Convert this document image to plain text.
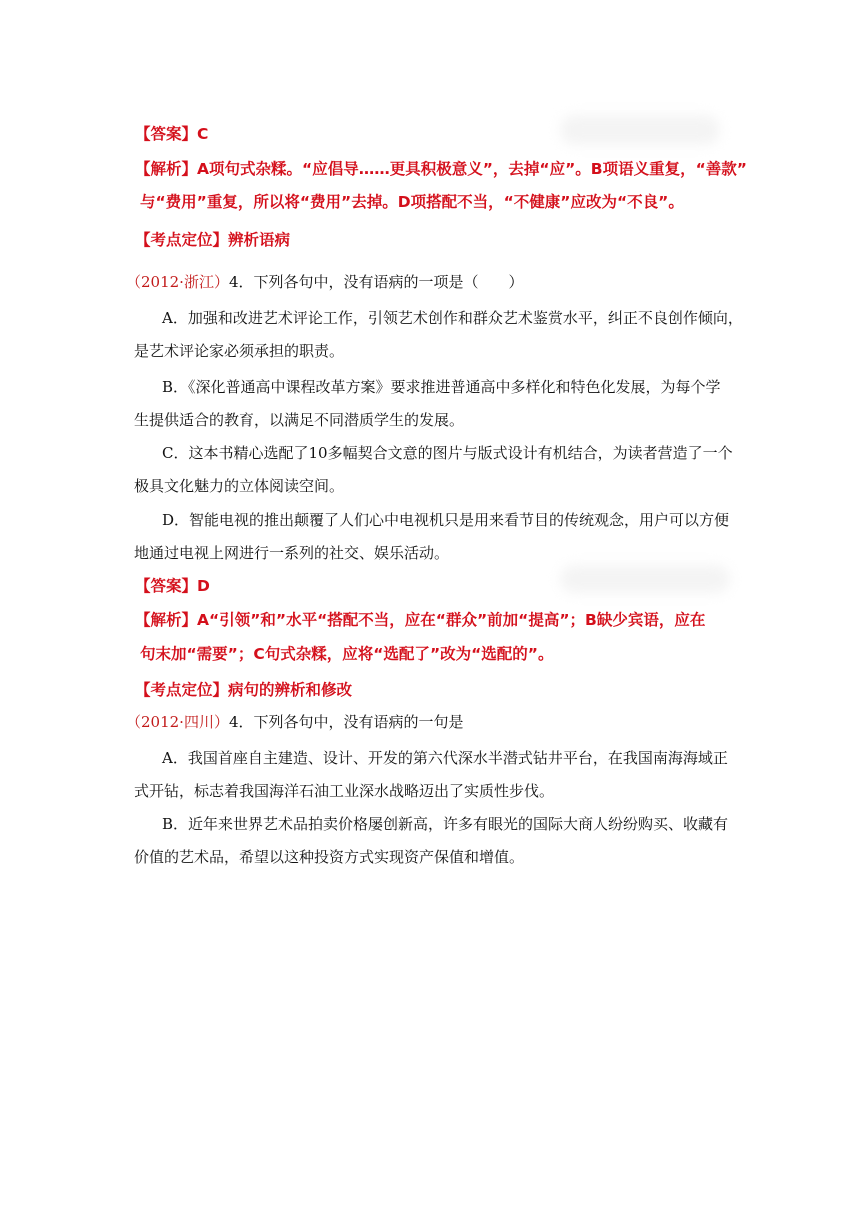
【答案】C
【解析】A项句式杂糅。“应倡导……更具积极意义”，去掉“应”。B项语义重复，“善款”
与“费用”重复，所以将“费用”去掉。D项搭配不当，“不健康”应改为“不良”。
【考点定位】辨析语病
（2012·浙江）4．下列各句中，没有语病的一项是（　　）
A．加强和改进艺术评论工作，引领艺术创作和群众艺术鉴赏水平，纠正不良创作倾向，
是艺术评论家必须承担的职责。
B．《深化普通高中课程改革方案》要求推进普通高中多样化和特色化发展，为每个学
生提供适合的教育，以满足不同潜质学生的发展。
C．这本书精心选配了10多幅契合文意的图片与版式设计有机结合，为读者营造了一个
极具文化魅力的立体阅读空间。
D．智能电视的推出颠覆了人们心中电视机只是用来看节目的传统观念，用户可以方便
地通过电视上网进行一系列的社交、娱乐活动。
【答案】D
【解析】A“引领”和”水平“搭配不当，应在“群众”前加“提高”；B缺少宾语，应在
句末加“需要”；C句式杂糅，应将“选配了”改为“选配的”。
【考点定位】病句的辨析和修改
（2012·四川）4．下列各句中，没有语病的一句是
A．我国首座自主建造、设计、开发的第六代深水半潜式钻井平台，在我国南海海域正
式开钻，标志着我国海洋石油工业深水战略迈出了实质性步伐。
B．近年来世界艺术品拍卖价格屡创新高，许多有眼光的国际大商人纷纷购买、收藏有
价值的艺术品，希望以这种投资方式实现资产保值和增值。
